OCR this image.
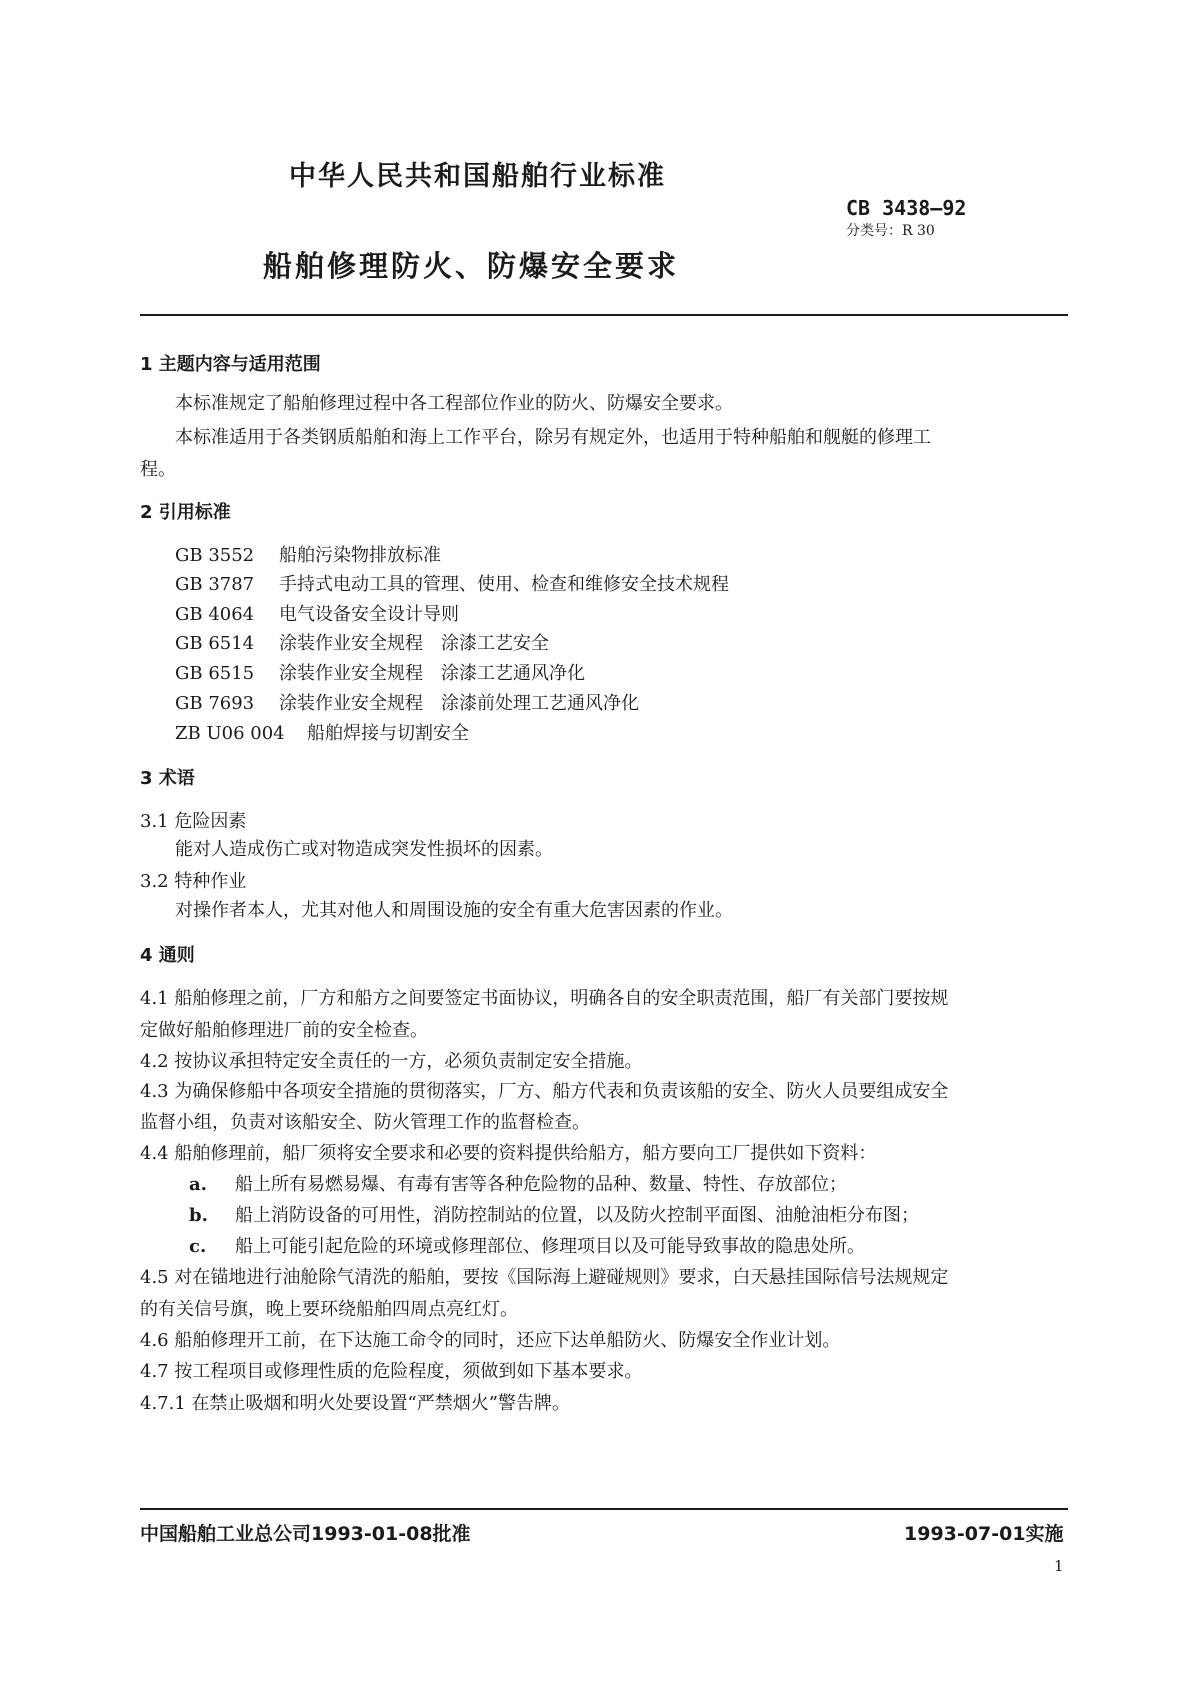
中华人民共和国船舶行业标准
CB 3438—92
分类号：R 30
船舶修理防火、防爆安全要求
1 主题内容与适用范围
本标准规定了船舶修理过程中各工程部位作业的防火、防爆安全要求。
本标准适用于各类钢质船舶和海上工作平台，除另有规定外，也适用于特种船舶和舰艇的修理工
程。
2 引用标准
GB 3552 船舶污染物排放标准
GB 3787 手持式电动工具的管理、使用、检查和维修安全技术规程
GB 4064 电气设备安全设计导则
GB 6514 涂装作业安全规程　涂漆工艺安全
GB 6515 涂装作业安全规程　涂漆工艺通风净化
GB 7693 涂装作业安全规程　涂漆前处理工艺通风净化
ZB U06 004 船舶焊接与切割安全
3 术语
3.1 危险因素
能对人造成伤亡或对物造成突发性损坏的因素。
3.2 特种作业
对操作者本人，尤其对他人和周围设施的安全有重大危害因素的作业。
4 通则
4.1 船舶修理之前，厂方和船方之间要签定书面协议，明确各自的安全职责范围，船厂有关部门要按规
定做好船舶修理进厂前的安全检查。
4.2 按协议承担特定安全责任的一方，必须负责制定安全措施。
4.3 为确保修船中各项安全措施的贯彻落实，厂方、船方代表和负责该船的安全、防火人员要组成安全
监督小组，负责对该船安全、防火管理工作的监督检查。
4.4 船舶修理前，船厂须将安全要求和必要的资料提供给船方，船方要向工厂提供如下资料：
a. 船上所有易燃易爆、有毒有害等各种危险物的品种、数量、特性、存放部位；
b. 船上消防设备的可用性，消防控制站的位置，以及防火控制平面图、油舱油柜分布图；
c. 船上可能引起危险的环境或修理部位、修理项目以及可能导致事故的隐患处所。
4.5 对在锚地进行油舱除气清洗的船舶，要按《国际海上避碰规则》要求，白天悬挂国际信号法规规定
的有关信号旗，晚上要环绕船舶四周点亮红灯。
4.6 船舶修理开工前，在下达施工命令的同时，还应下达单船防火、防爆安全作业计划。
4.7 按工程项目或修理性质的危险程度，须做到如下基本要求。
4.7.1 在禁止吸烟和明火处要设置“严禁烟火”警告牌。
中国船舶工业总公司1993-01-08批准	1993-07-01实施
1
